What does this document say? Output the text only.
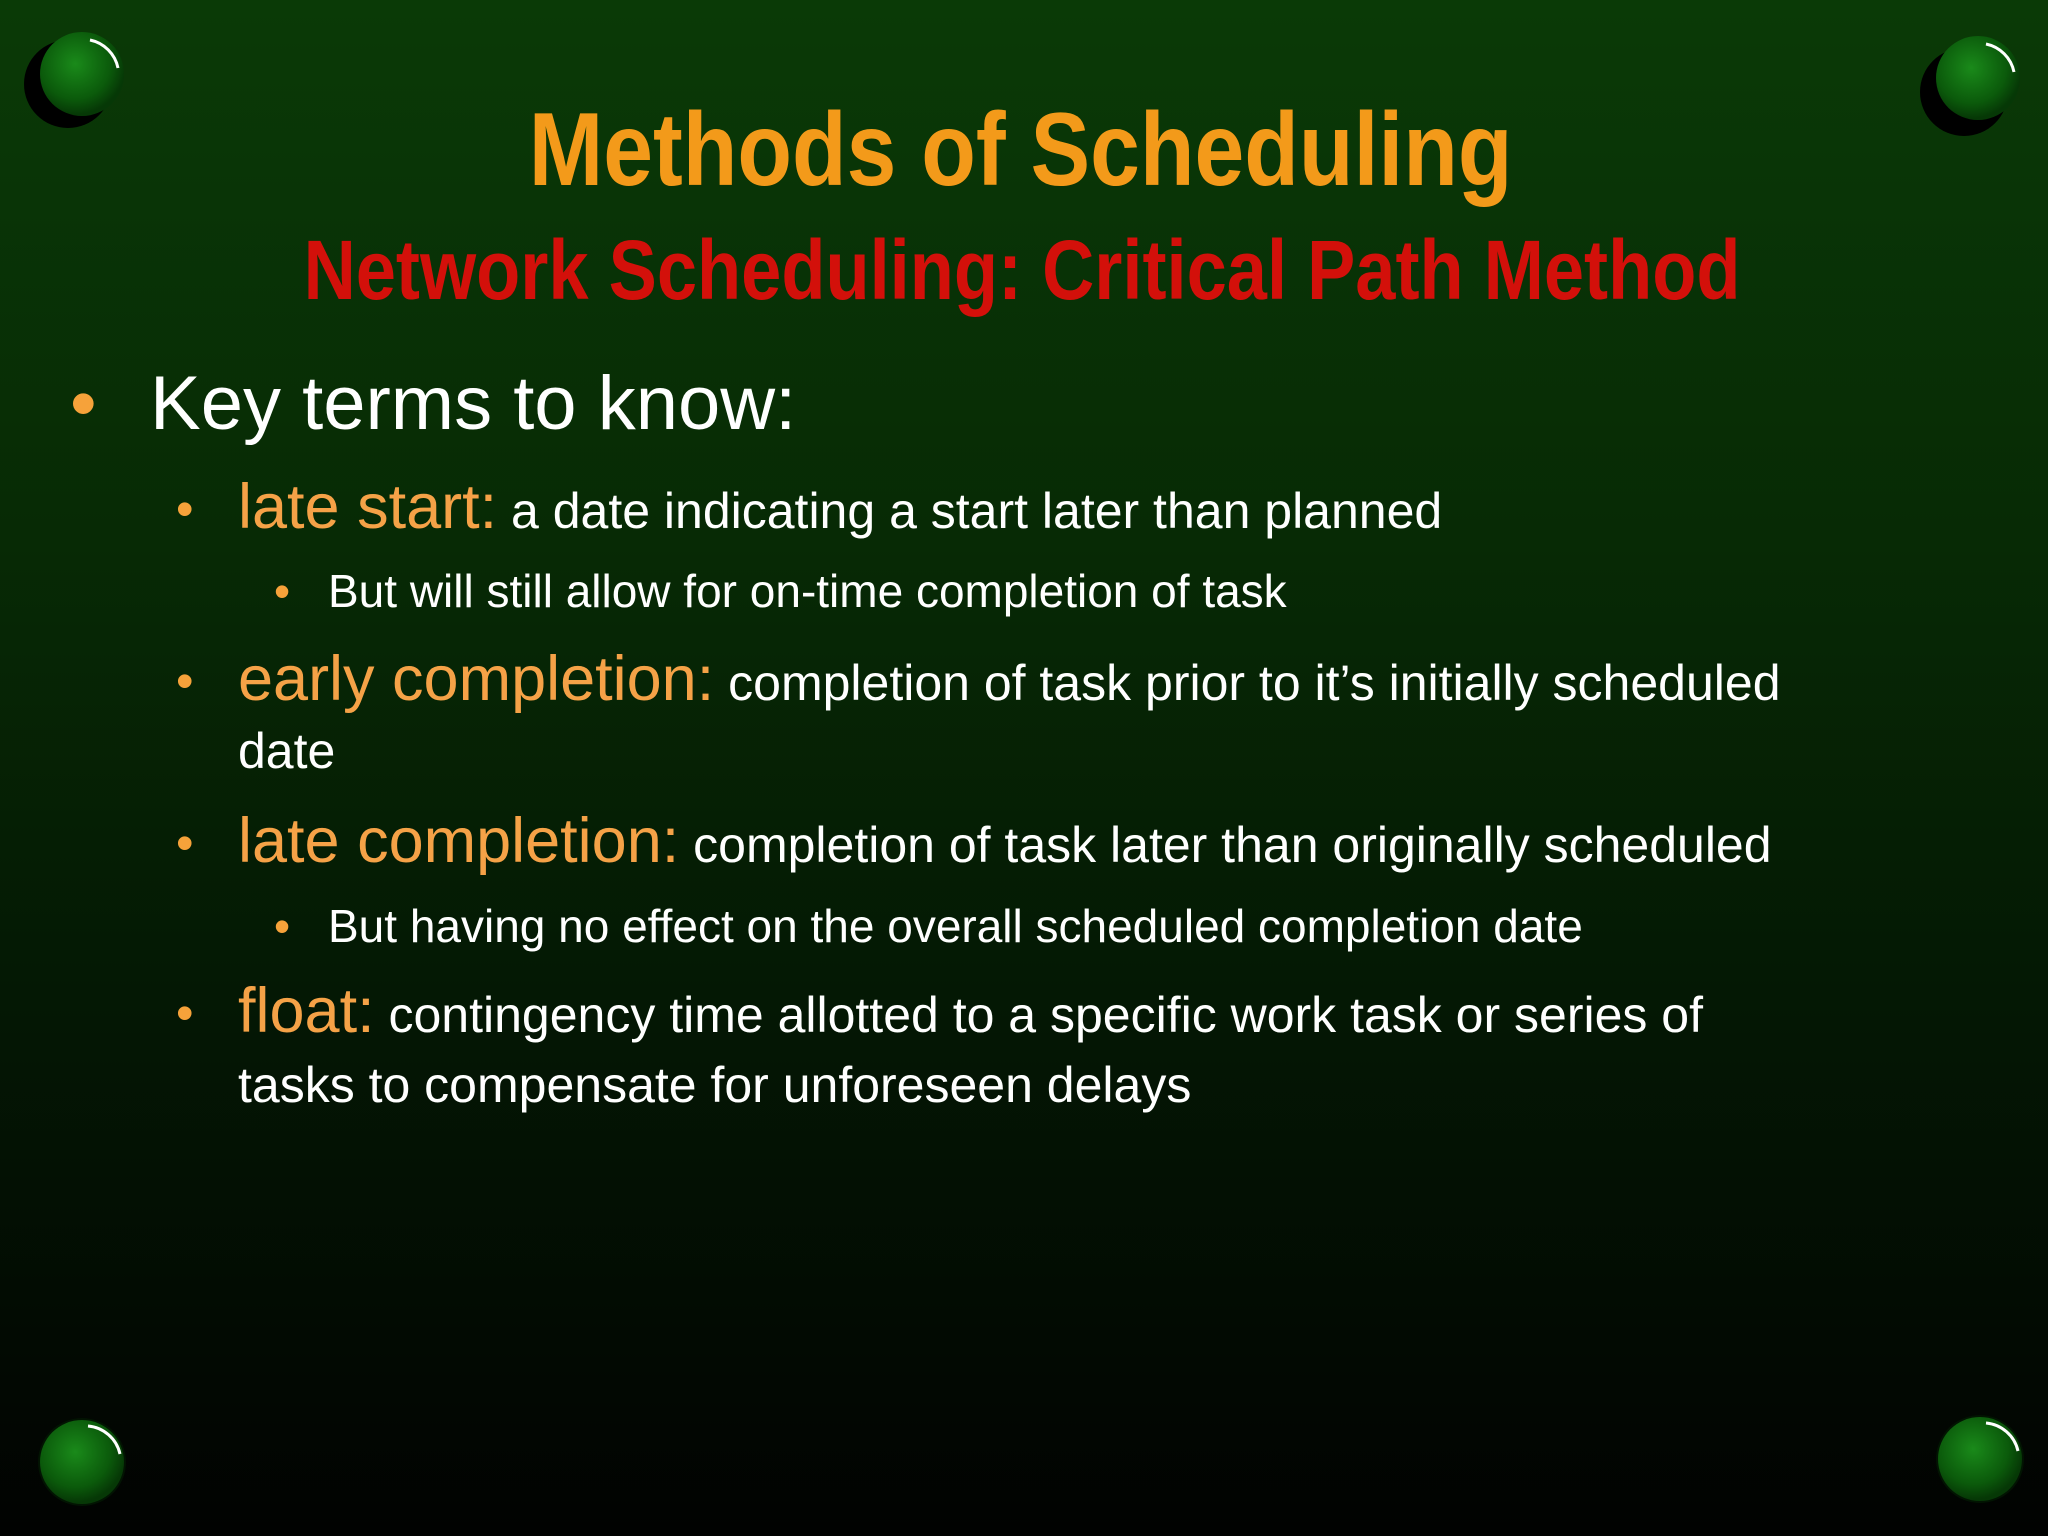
Methods of Scheduling
Network Scheduling: Critical Path Method
• Key terms to know:
• late start: a date indicating a start later than planned
• But will still allow for on-time completion of task
• early completion: completion of task prior to it’s initially scheduled
date
• late completion: completion of task later than originally scheduled
• But having no effect on the overall scheduled completion date
• float: contingency time allotted to a specific work task or series of
tasks to compensate for unforeseen delays
